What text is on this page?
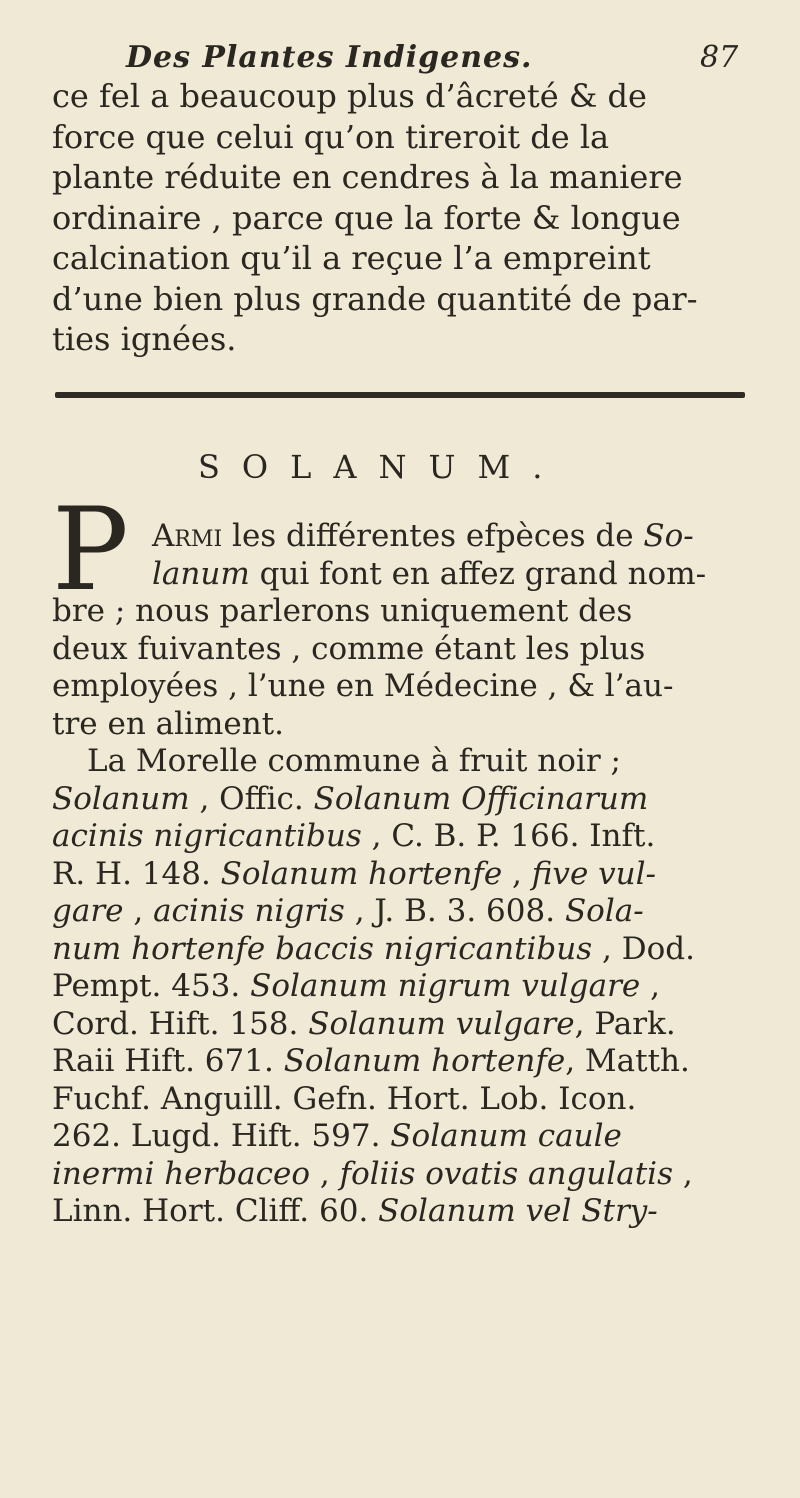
Des Plantes Indigenes.	87
ce fel a beaucoup plus d’âcreté & de
force que celui qu’on tireroit de la
plante réduite en cendres à la maniere
ordinaire , parce que la forte & longue
calcination qu’il a reçue l’a empreint
d’une bien plus grande quantité de par-
ties ignées.
SOLANUM.
P Armi les différentes efpèces de So-
lanum qui font en affez grand nom-
bre ; nous parlerons uniquement des
deux fuivantes , comme étant les plus
employées , l’une en Médecine , & l’au-
tre en aliment.
La Morelle commune à fruit noir ;
Solanum , Offic. Solanum Officinarum
acinis nigricantibus , C. B. P. 166. Inft.
R. H. 148. Solanum hortenfe , five vul-
gare , acinis nigris , J. B. 3. 608. Sola-
num hortenfe baccis nigricantibus , Dod.
Pempt. 453. Solanum nigrum vulgare ,
Cord. Hift. 158. Solanum vulgare, Park.
Raii Hift. 671. Solanum hortenfe, Matth.
Fuchf. Anguill. Gefn. Hort. Lob. Icon.
262. Lugd. Hift. 597. Solanum caule
inermi herbaceo , foliis ovatis angulatis ,
Linn. Hort. Cliff. 60. Solanum vel Stry-
